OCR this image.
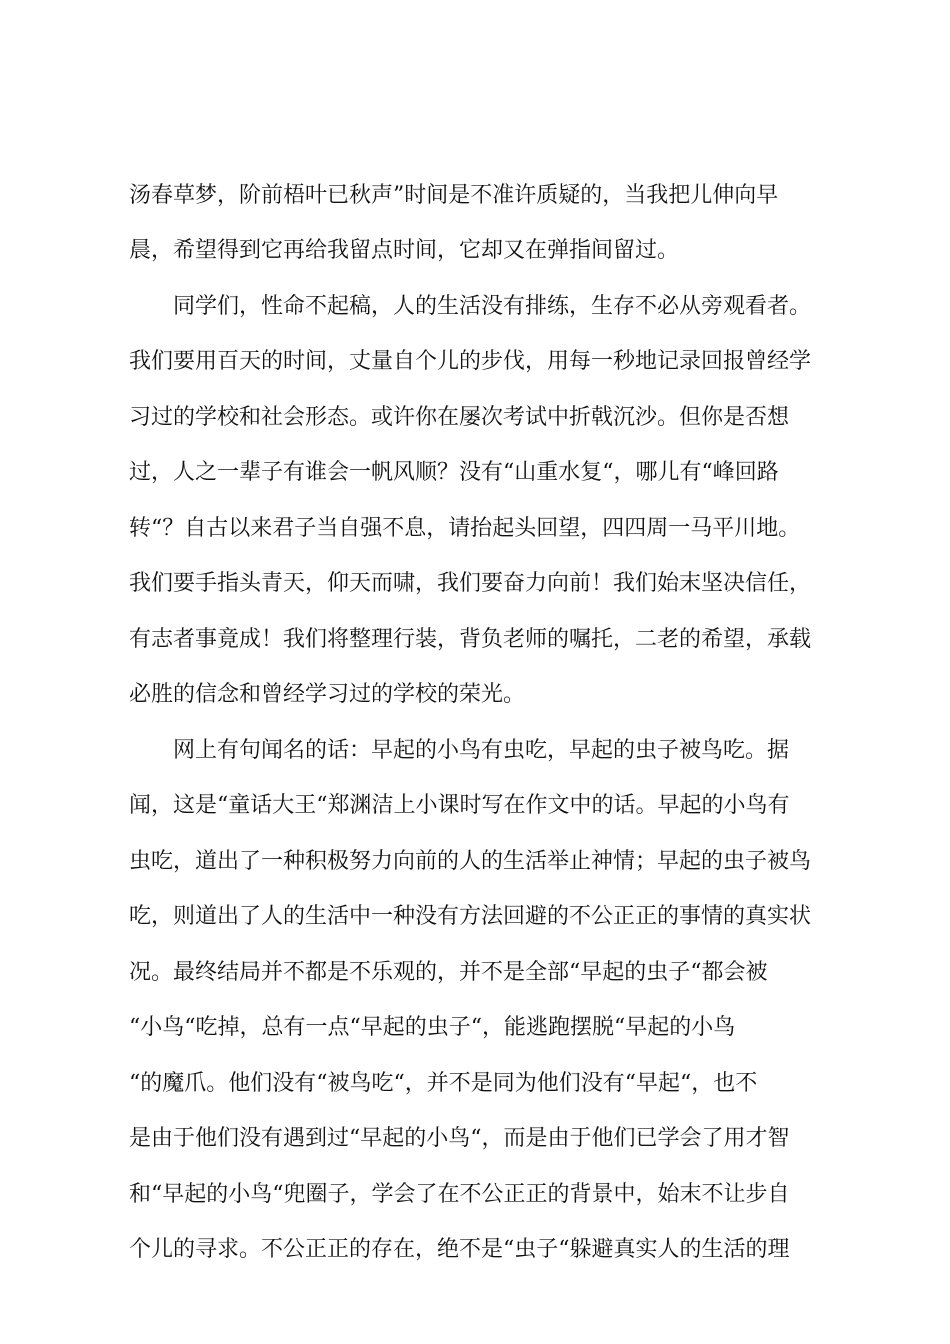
汤春草梦，阶前梧叶已秋声”时间是不准许质疑的，当我把儿伸向早
晨，希望得到它再给我留点时间，它却又在弹指间留过。
同学们，性命不起稿，人的生活没有排练，生存不必从旁观看者。
我们要用百天的时间，丈量自个儿的步伐，用每一秒地记录回报曾经学
习过的学校和社会形态。或许你在屡次考试中折戟沉沙。但你是否想
过，人之一辈子有谁会一帆风顺？没有“山重水复“，哪儿有“峰回路
转“？自古以来君子当自强不息，请抬起头回望，四四周一马平川地。
我们要手指头青天，仰天而啸，我们要奋力向前！我们始末坚决信任，
有志者事竟成！我们将整理行装，背负老师的嘱托，二老的希望，承载
必胜的信念和曾经学习过的学校的荣光。
网上有句闻名的话：早起的小鸟有虫吃，早起的虫子被鸟吃。据
闻，这是“童话大王“郑渊洁上小课时写在作文中的话。早起的小鸟有
虫吃，道出了一种积极努力向前的人的生活举止神情；早起的虫子被鸟
吃，则道出了人的生活中一种没有方法回避的不公正正的事情的真实状
况。最终结局并不都是不乐观的，并不是全部“早起的虫子“都会被
“小鸟“吃掉，总有一点“早起的虫子“，能逃跑摆脱“早起的小鸟
“的魔爪。他们没有“被鸟吃“，并不是同为他们没有“早起“，也不
是由于他们没有遇到过“早起的小鸟“，而是由于他们已学会了用才智
和“早起的小鸟“兜圈子，学会了在不公正正的背景中，始末不让步自
个儿的寻求。不公正正的存在，绝不是“虫子“躲避真实人的生活的理
